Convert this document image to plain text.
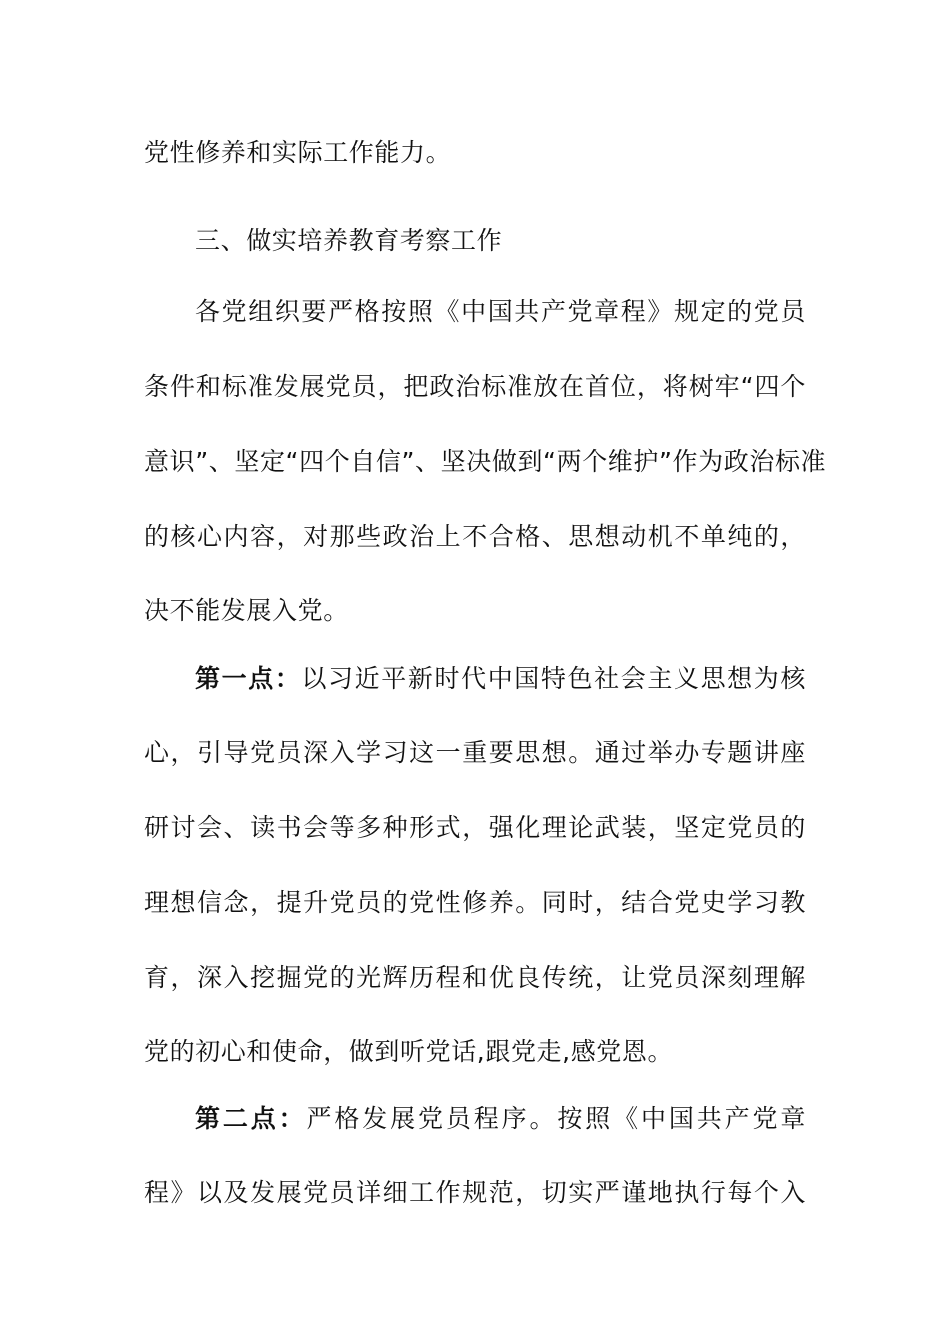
党性修养和实际工作能力。
三、做实培养教育考察工作
各党组织要严格按照《中国共产党章程》规定的党员
条件和标准发展党员，把政治标准放在首位，将树牢“四个
意识”、坚定“四个自信”、坚决做到“两个维护”作为政治标准
的核心内容，对那些政治上不合格、思想动机不单纯的，
决不能发展入党。
第一点：以习近平新时代中国特色社会主义思想为核
心，引导党员深入学习这一重要思想。通过举办专题讲座
研讨会、读书会等多种形式，强化理论武装，坚定党员的
理想信念，提升党员的党性修养。同时，结合党史学习教
育，深入挖掘党的光辉历程和优良传统，让党员深刻理解
党的初心和使命，做到听党话,跟党走,感党恩。
第二点：严格发展党员程序。按照《中国共产党章
程》以及发展党员详细工作规范，切实严谨地执行每个入
